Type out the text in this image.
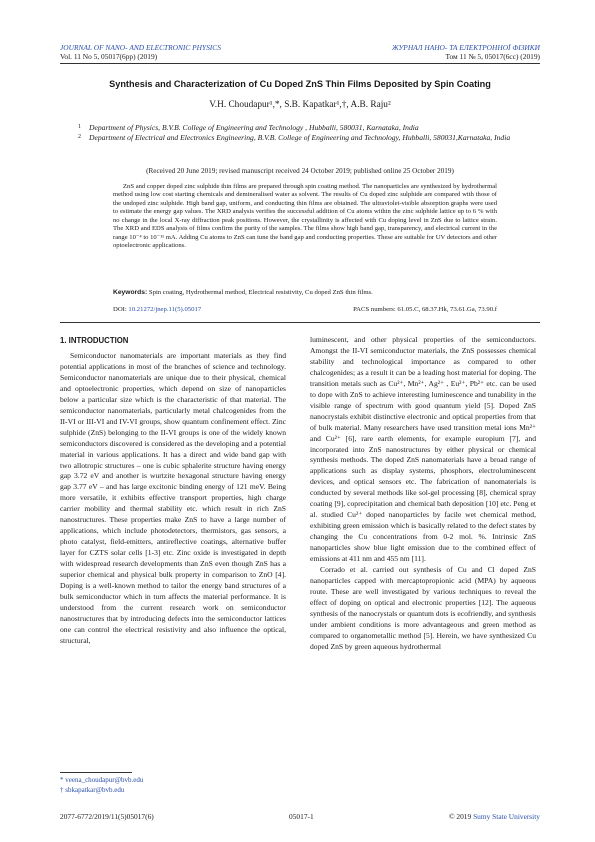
JOURNAL OF NANO- AND ELECTRONIC PHYSICS	ЖУРНАЛ НАНО- ТА ЕЛЕКТРОННОЇ ФІЗИКИ
Vol. 11 No 5, 05017(6pp) (2019)	Том 11 № 5, 05017(6cc) (2019)
Synthesis and Characterization of Cu Doped ZnS Thin Films Deposited by Spin Coating
V.H. Choudapur¹,*, S.B. Kapatkar¹,†, A.B. Raju²
1	Department of Physics, B.V.B. College of Engineering and Technology , Hubballi, 580031, Karnataka, India
2	Department of Electrical and Electronics Engineering, B.V.B. College of Engineering and Technology, Hubballi, 580031,Karnataka, India
(Received 20 June 2019; revised manuscript received 24 October 2019; published online 25 October 2019)
ZnS and copper doped zinc sulphide thin films are prepared through spin coating method. The nanoparticles are synthesized by hydrothermal method using low cost starting chemicals and demineralised water as solvent. The results of Cu doped zinc sulphide are compared with those of the undoped zinc sulphide. High band gap, uniform, and conducting thin films are obtained. The ultraviolet-visible absorption graphs were used to estimate the energy gap values. The XRD analysis verifies the successful addition of Cu atoms within the zinc sulphide lattice up to 6 % with no change in the local X-ray diffraction peak positions. However, the crystallinity is affected with Cu doping level in ZnS due to lattice strain. The XRD and EDS analysis of films confirm the purity of the samples. The films show high band gap, transparency, and electrical current in the range 10⁻⁴ to 10⁻¹¹ mA. Adding Cu atoms to ZnS can tune the band gap and conducting properties. These are suitable for UV detectors and other optoelectronic applications.
Keywords: Spin coating, Hydrothermal method, Electrical resistivity, Cu doped ZnS thin films.
DOI: 10.21272/jnep.11(5).05017	PACS numbers: 61.05.C, 68.37.Hk, 73.61.Ga, 73.90.f
1. INTRODUCTION
Semiconductor nanomaterials are important materials as they find potential applications in most of the branches of science and technology. Semiconductor nanomaterials are unique due to their physical, chemical and optoelectronic properties, which depend on size of nanoparticles below a particular size which is the characteristic of that material. The semiconductor nanomaterials, particularly metal chalcogenides from the II-VI or III-VI and IV-VI groups, show quantum confinement effect. Zinc sulphide (ZnS) belonging to the II-VI groups is one of the widely known semiconductors discovered is considered as the developing and a potential material in various applications. It has a direct and wide band gap with two allotropic structures – one is cubic sphalerite structure having energy gap 3.72 eV and another is wurtzite hexagonal structure having energy gap 3.77 eV – and has large excitonic binding energy of 121 meV. Being more versatile, it exhibits effective transport properties, high charge carrier mobility and thermal stability etc. which result in rich ZnS nanostructures. These properties make ZnS to have a large number of applications, which include photodetectors, thermistors, gas sensors, a photo catalyst, field-emitters, antireflective coatings, alternative buffer layer for CZTS solar cells [1-3] etc. Zinc oxide is investigated in depth with widespread research developments than ZnS even though ZnS has a superior chemical and physical bulk property in comparison to ZnO [4]. Doping is a well-known method to tailor the energy band structures of a bulk semiconductor which in turn affects the material performance. It is understood from the current research work on semiconductor nanostructures that by introducing defects into the semiconductor lattices one can control the electrical resistivity and also influence the optical, structural,

luminescent, and other physical properties of the semiconductors. Amongst the II-VI semiconductor materials, the ZnS possesses chemical stability and technological importance as compared to other chalcogenides; as a result it can be a leading host material for doping. The transition metals such as Cu²⁺, Mn²⁺, Ag²⁺ , Eu²⁺, Pb²⁺ etc. can be used to dope with ZnS to achieve interesting luminescence and tunability in the visible range of spectrum with good quantum yield [5]. Doped ZnS nanocrystals exhibit distinctive electronic and optical properties from that of bulk material. Many researchers have used transition metal ions Mn²⁺ and Cu²⁺ [6], rare earth elements, for example europium [7], and incorporated into ZnS nanostructures by either physical or chemical synthesis methods. The doped ZnS nanomaterials have a broad range of applications such as display systems, phosphors, electroluminescent devices, and optical sensors etc. The fabrication of nanomaterials is conducted by several methods like sol-gel processing [8], chemical spray coating [9], coprecipitation and chemical bath deposition [10] etc. Peng et al. studied Cu²⁺ doped nanoparticles by facile wet chemical method, exhibiting green emission which is basically related to the defect states by changing the Cu concentrations from 0-2 mol. %. Intrinsic ZnS nanoparticles show blue light emission due to the combined effect of emissions at 411 nm and 455 nm [11].

Corrado et al. carried out synthesis of Cu and Cl doped ZnS nanoparticles capped with mercaptopropionic acid (MPA) by aqueous route. These are well investigated by various techniques to reveal the effect of doping on optical and electronic properties [12]. The aqueous synthesis of the nanocrystals or quantum dots is ecofriendly, and synthesis under ambient conditions is more advantageous and green method as compared to organometallic method [5]. Herein, we have synthesized Cu doped ZnS by green aqueous hydrothermal

* veena_choudapur@bvb.edu
† sbkapatkar@bvb.edu
2077-6772/2019/11(5)05017(6)	05017-1	© 2019 Sumy State University
